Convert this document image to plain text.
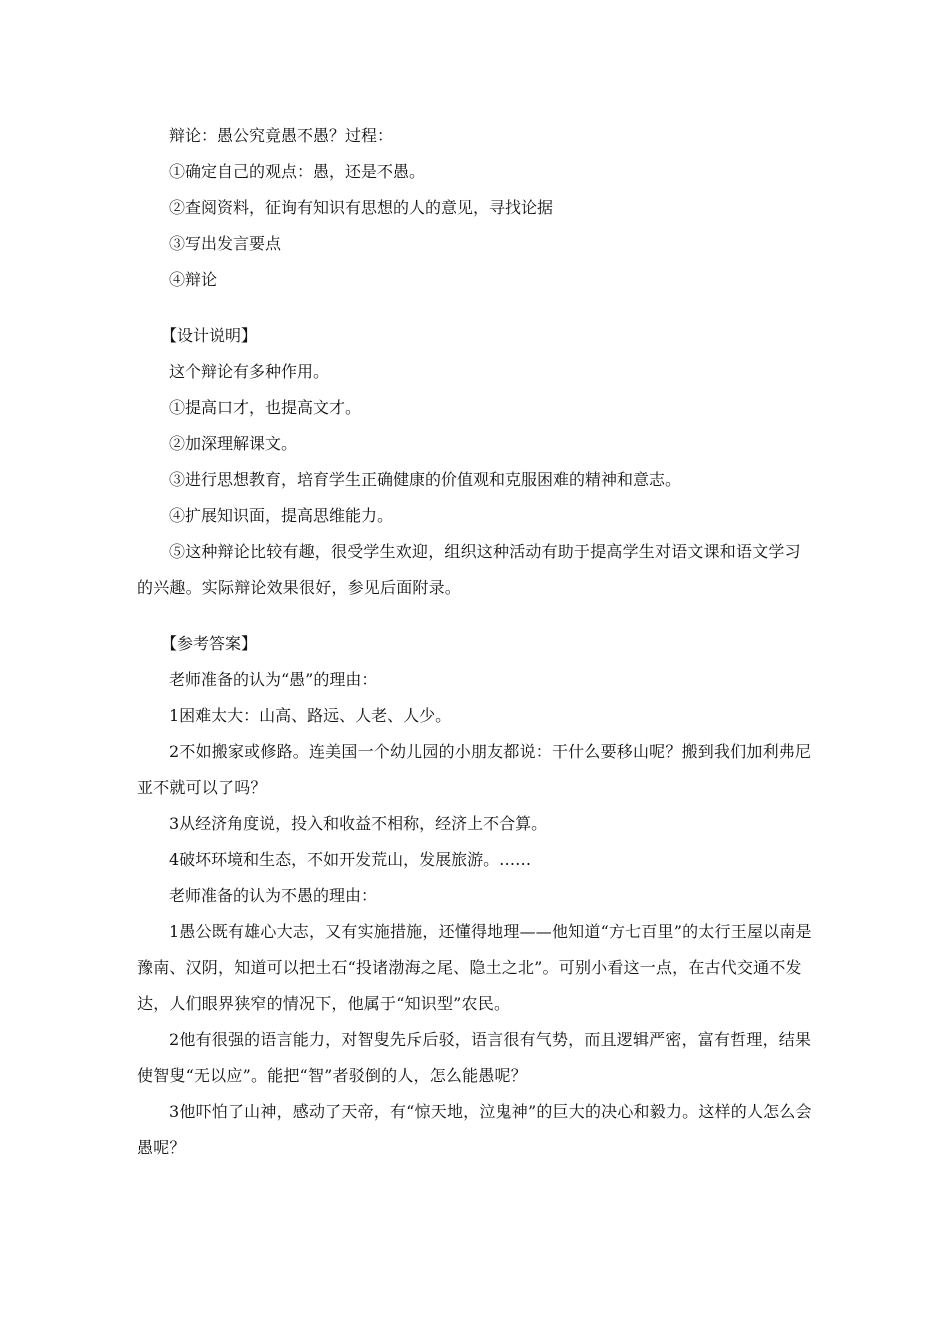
辩论：愚公究竟愚不愚？过程：
①确定自己的观点：愚，还是不愚。
②查阅资料，征询有知识有思想的人的意见，寻找论据
③写出发言要点
④辩论
【设计说明】
这个辩论有多种作用。
①提高口才，也提高文才。
②加深理解课文。
③进行思想教育，培育学生正确健康的价值观和克服困难的精神和意志。
④扩展知识面，提高思维能力。
⑤这种辩论比较有趣，很受学生欢迎，组织这种活动有助于提高学生对语文课和语文学习的兴趣。实际辩论效果很好，参见后面附录。
【参考答案】
老师准备的认为“愚”的理由：
1困难太大：山高、路远、人老、人少。
2不如搬家或修路。连美国一个幼儿园的小朋友都说：干什么要移山呢？搬到我们加利弗尼亚不就可以了吗？
3从经济角度说，投入和收益不相称，经济上不合算。
4破坏环境和生态，不如开发荒山，发展旅游。……
老师准备的认为不愚的理由：
1愚公既有雄心大志，又有实施措施，还懂得地理——他知道“方七百里”的太行王屋以南是豫南、汉阴，知道可以把土石“投诸渤海之尾、隐土之北”。可别小看这一点，在古代交通不发达，人们眼界狭窄的情况下，他属于“知识型”农民。
2他有很强的语言能力，对智叟先斥后驳，语言很有气势，而且逻辑严密，富有哲理，结果使智叟“无以应”。能把“智”者驳倒的人，怎么能愚呢？
3他吓怕了山神，感动了天帝，有“惊天地，泣鬼神”的巨大的决心和毅力。这样的人怎么会愚呢？
